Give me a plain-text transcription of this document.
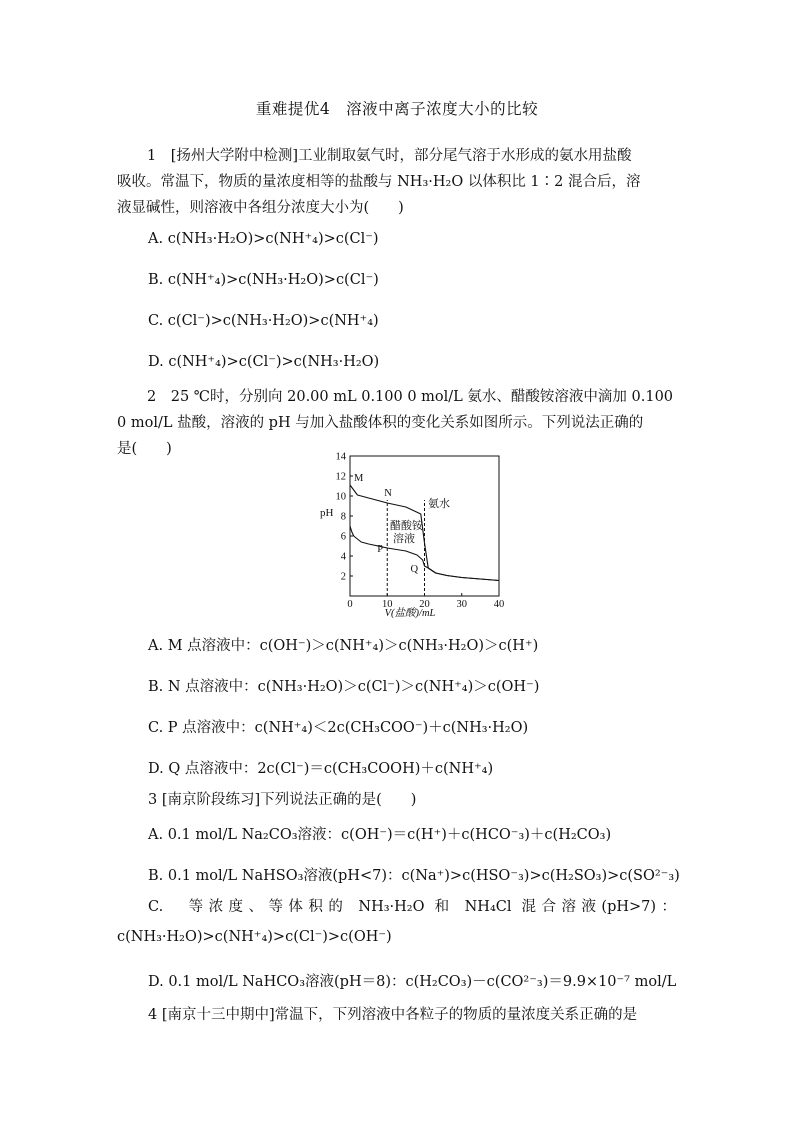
重难提优4　溶液中离子浓度大小的比较
1　[扬州大学附中检测]工业制取氨气时，部分尾气溶于水形成的氨水用盐酸
吸收。常温下，物质的量浓度相等的盐酸与 NH₃·H₂O 以体积比 1∶2 混合后，溶
液显碱性，则溶液中各组分浓度大小为(　　)
A. c(NH₃·H₂O)>c(NH⁺₄)>c(Cl⁻)
B. c(NH⁺₄)>c(NH₃·H₂O)>c(Cl⁻)
C. c(Cl⁻)>c(NH₃·H₂O)>c(NH⁺₄)
D. c(NH⁺₄)>c(Cl⁻)>c(NH₃·H₂O)
2　25 ℃时，分别向 20.00 mL 0.100 0 mol/L 氨水、醋酸铵溶液中滴加 0.100
0 mol/L 盐酸，溶液的 pH 与加入盐酸体积的变化关系如图所示。下列说法正确的
是(　　)
0	10	20	30	40
2
4
6
8
10
12
14
M
N
P
Q
pH
V(盐酸)/mL
氨水
醋酸铵
溶液
A. M 点溶液中：c(OH⁻)＞c(NH⁺₄)＞c(NH₃·H₂O)＞c(H⁺)
B. N 点溶液中：c(NH₃·H₂O)＞c(Cl⁻)＞c(NH⁺₄)＞c(OH⁻)
C. P 点溶液中：c(NH⁺₄)＜2c(CH₃COO⁻)＋c(NH₃·H₂O)
D. Q 点溶液中：2c(Cl⁻)＝c(CH₃COOH)＋c(NH⁺₄)
3 [南京阶段练习]下列说法正确的是(　　)
A. 0.1 mol/L Na₂CO₃溶液：c(OH⁻)＝c(H⁺)＋c(HCO⁻₃)＋c(H₂CO₃)
B. 0.1 mol/L NaHSO₃溶液(pH<7)：c(Na⁺)>c(HSO⁻₃)>c(H₂SO₃)>c(SO²⁻₃)
C.　等浓度、等体积的 NH₃·H₂O 和 NH₄Cl 混合溶液(pH>7)：
c(NH₃·H₂O)>c(NH⁺₄)>c(Cl⁻)>c(OH⁻)
D. 0.1 mol/L NaHCO₃溶液(pH＝8)：c(H₂CO₃)－c(CO²⁻₃)＝9.9×10⁻⁷ mol/L
4 [南京十三中期中]常温下，下列溶液中各粒子的物质的量浓度关系正确的是
